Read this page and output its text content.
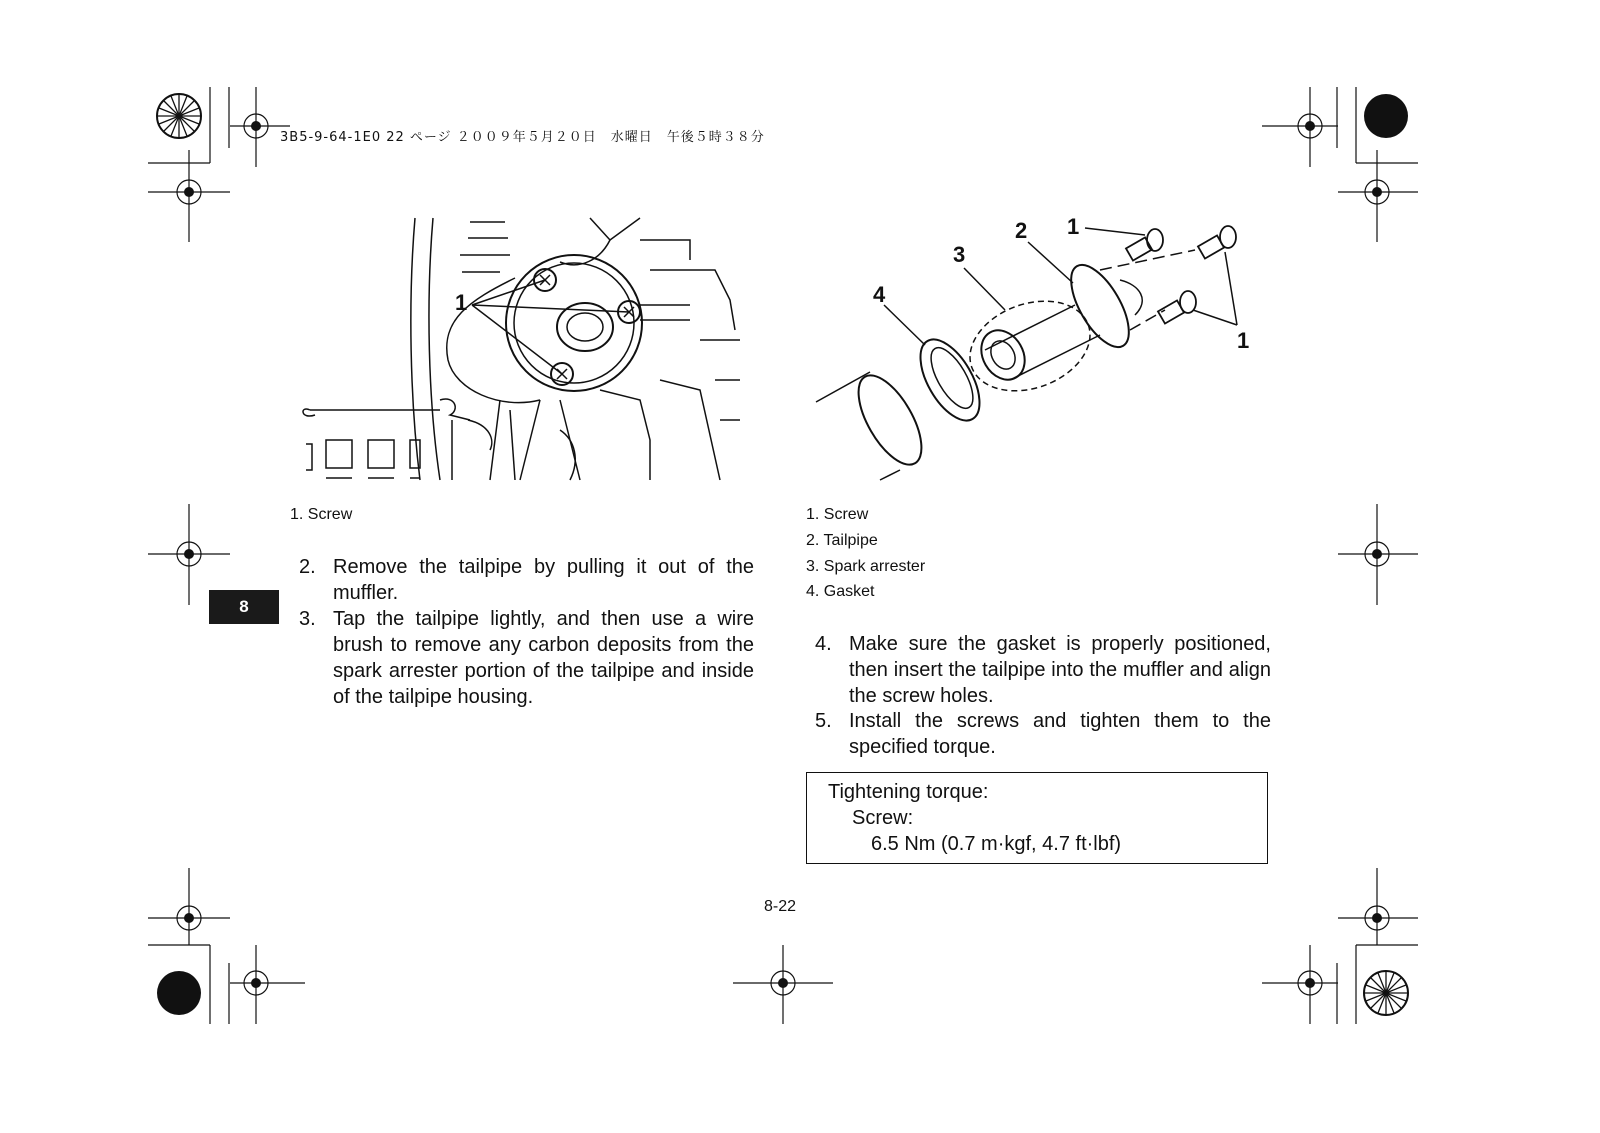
3B5-9-64-1E0 22 ページ ２００９年５月２０日　水曜日　午後５時３８分
1
1
2
3
4
1
1. Screw
2. Remove the tailpipe by pulling it out of the muffler.
3. Tap the tailpipe lightly, and then use a wire brush to remove any carbon deposits from the spark arrester portion of the tailpipe and inside of the tailpipe housing.
8
1. Screw
2. Tailpipe
3. Spark arrester
4. Gasket
4. Make sure the gasket is properly positioned, then insert the tailpipe into the muffler and align the screw holes.
5. Install the screws and tighten them to the specified torque.
Tightening torque:
Screw:
6.5 Nm (0.7 m·kgf, 4.7 ft·lbf)
8-22
